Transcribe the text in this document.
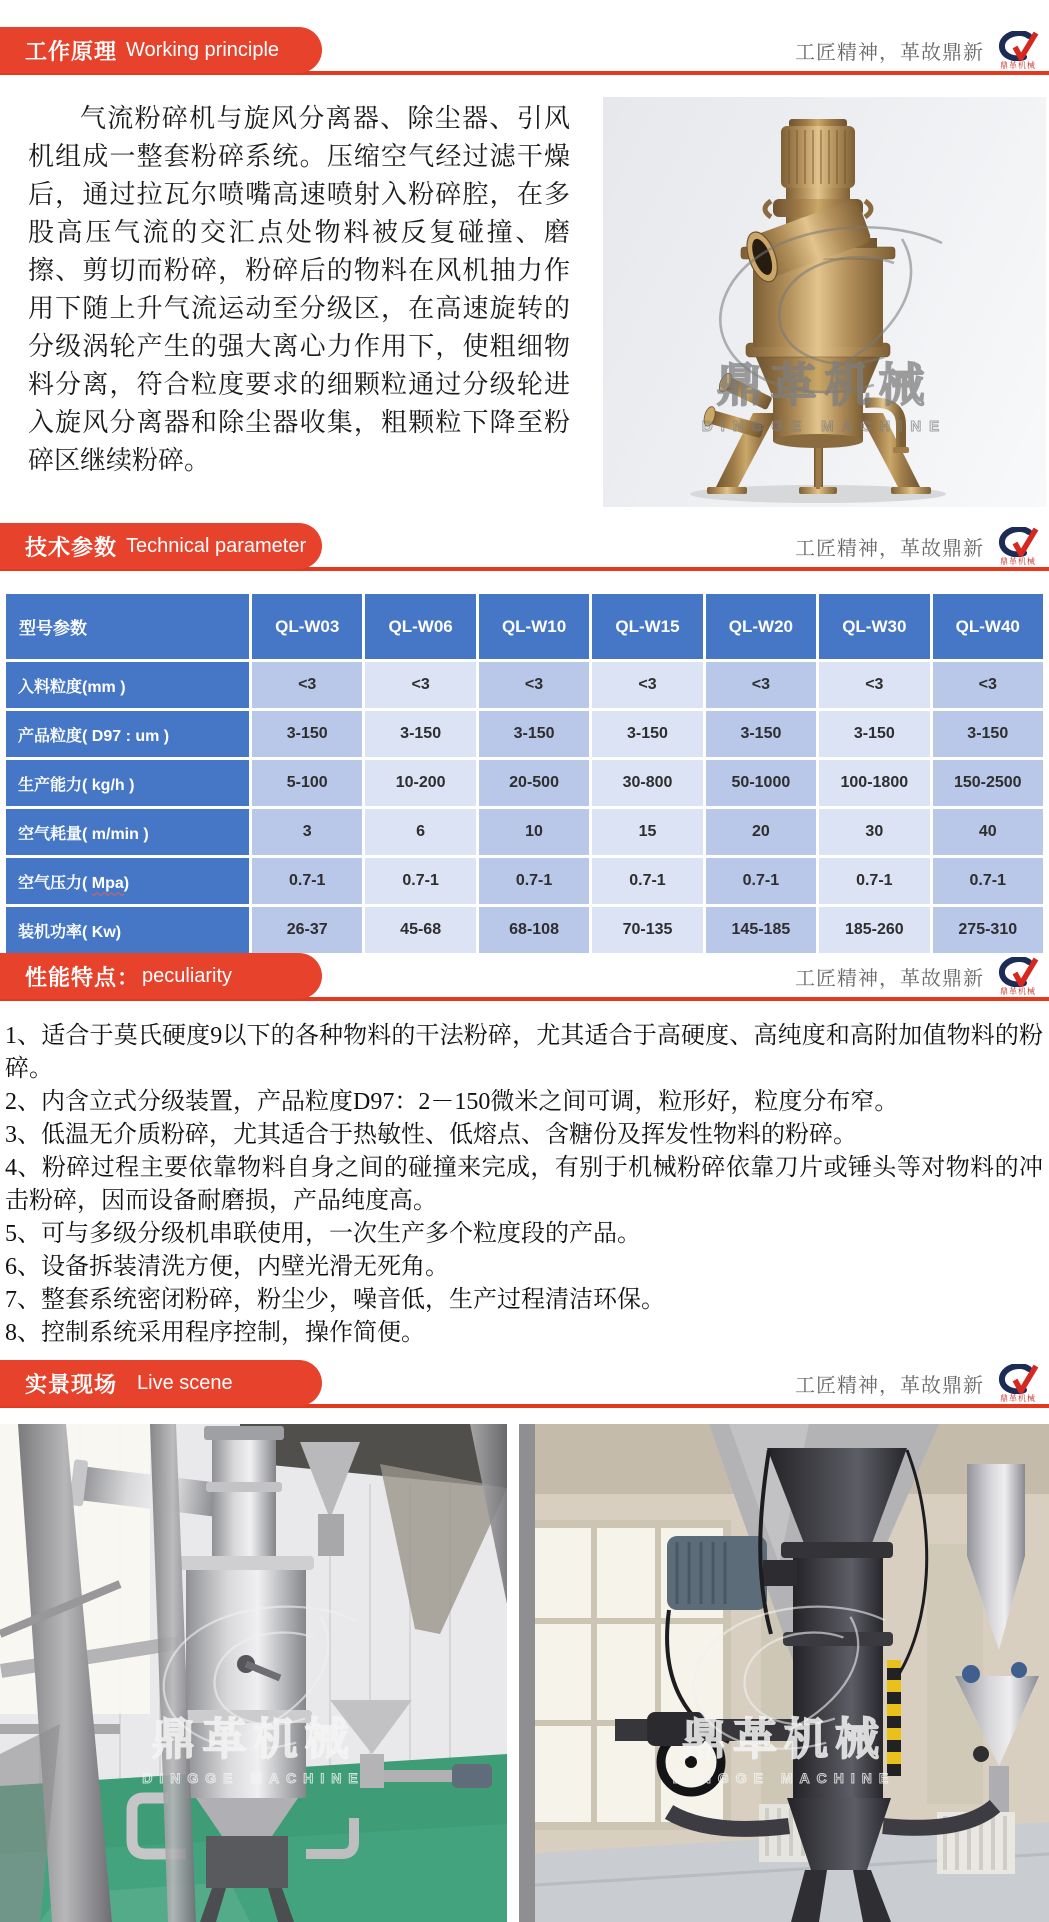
工作原理 Working principle	工匠精神，革故鼎新
鼎革机械
气流粉碎机与旋风分离器、除尘器、引风机组成一整套粉碎系统。压缩空气经过滤干燥后，通过拉瓦尔喷嘴高速喷射入粉碎腔，在多股高压气流的交汇点处物料被反复碰撞、磨擦、剪切而粉碎，粉碎后的物料在风机抽力作用下随上升气流运动至分级区，在高速旋转的分级涡轮产生的强大离心力作用下，使粗细物料分离，符合粒度要求的细颗粒通过分级轮进入旋风分离器和除尘器收集，粗颗粒下降至粉碎区继续粉碎。
技术参数 Technical parameter	工匠精神，革故鼎新
鼎革机械
型号参数	QL-W03	QL-W06	QL-W10	QL-W15	QL-W20	QL-W30	QL-W40
入料粒度(mm )	<3	<3	<3	<3	<3	<3	<3
产品粒度( D97 : um )	3-150	3-150	3-150	3-150	3-150	3-150	3-150
生产能力( kg/h )	5-100	10-200	20-500	30-800	50-1000	100-1800	150-2500
空气耗量( m/min )	3	6	10	15	20	30	40
空气压力( Mpa)	0.7-1	0.7-1	0.7-1	0.7-1	0.7-1	0.7-1	0.7-1
装机功率( Kw)	26-37	45-68	68-108	70-135	145-185	185-260	275-310
性能特点： peculiarity	工匠精神，革故鼎新
鼎革机械
1、适合于莫氏硬度9以下的各种物料的干法粉碎，尤其适合于高硬度、高纯度和高附加值物料的粉碎。
2、内含立式分级装置，产品粒度D97：2－150微米之间可调，粒形好，粒度分布窄。
3、低温无介质粉碎，尤其适合于热敏性、低熔点、含糖份及挥发性物料的粉碎。
4、粉碎过程主要依靠物料自身之间的碰撞来完成，有别于机械粉碎依靠刀片或锤头等对物料的冲击粉碎，因而设备耐磨损，产品纯度高。
5、可与多级分级机串联使用，一次生产多个粒度段的产品。
6、设备拆装清洗方便，内壁光滑无死角。
7、整套系统密闭粉碎，粉尘少，噪音低，生产过程清洁环保。
8、控制系统采用程序控制，操作简便。
实景现场 Live scene	工匠精神，革故鼎新
鼎革机械
